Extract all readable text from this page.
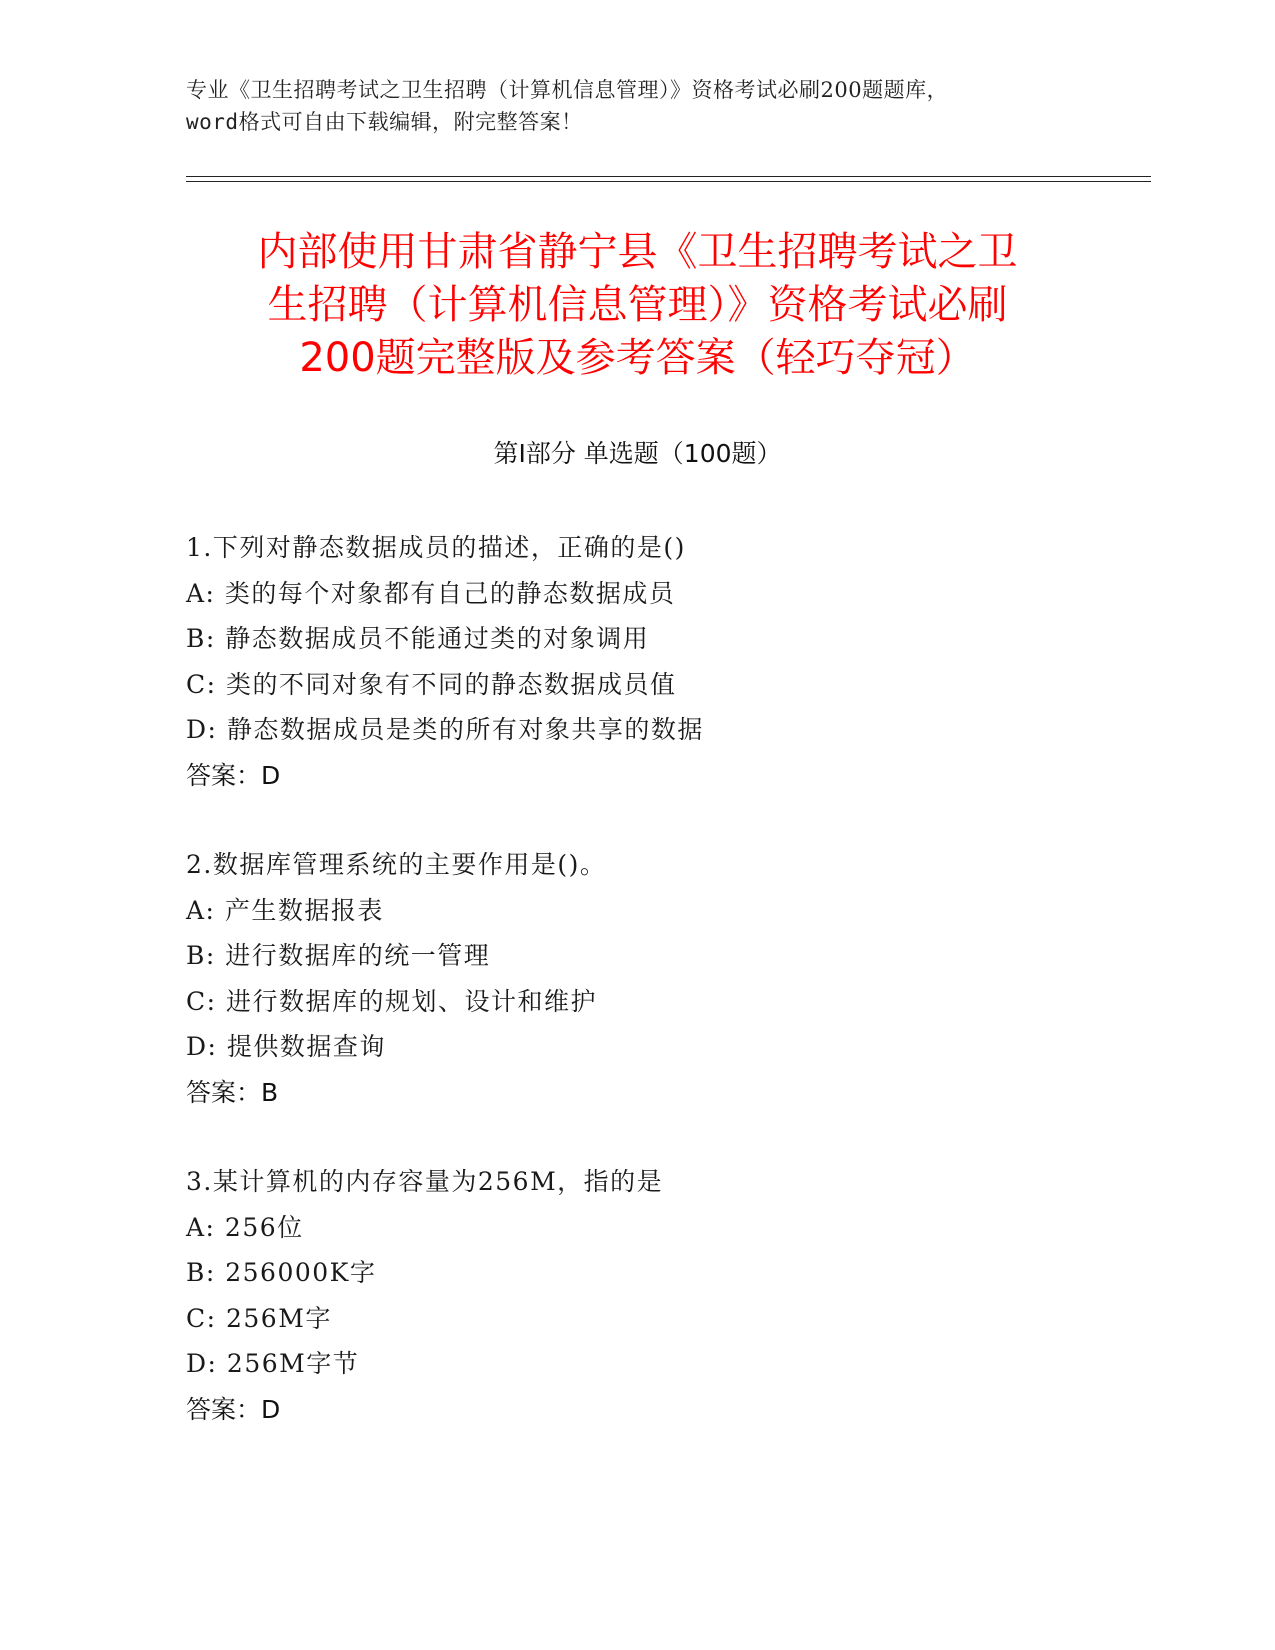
专业《卫生招聘考试之卫生招聘（计算机信息管理）》资格考试必刷200题题库，
word格式可自由下载编辑，附完整答案！
内部使用甘肃省静宁县《卫生招聘考试之卫
生招聘（计算机信息管理）》资格考试必刷
200题完整版及参考答案（轻巧夺冠）
第Ⅰ部分 单选题（100题）
1.下列对静态数据成员的描述，正确的是()
A: 类的每个对象都有自己的静态数据成员
B: 静态数据成员不能通过类的对象调用
C: 类的不同对象有不同的静态数据成员值
D: 静态数据成员是类的所有对象共享的数据
答案：D
2.数据库管理系统的主要作用是()。
A: 产生数据报表
B: 进行数据库的统一管理
C: 进行数据库的规划、设计和维护
D: 提供数据查询
答案：B
3.某计算机的内存容量为256M，指的是
A: 256位
B: 256000K字
C: 256M字
D: 256M字节
答案：D
